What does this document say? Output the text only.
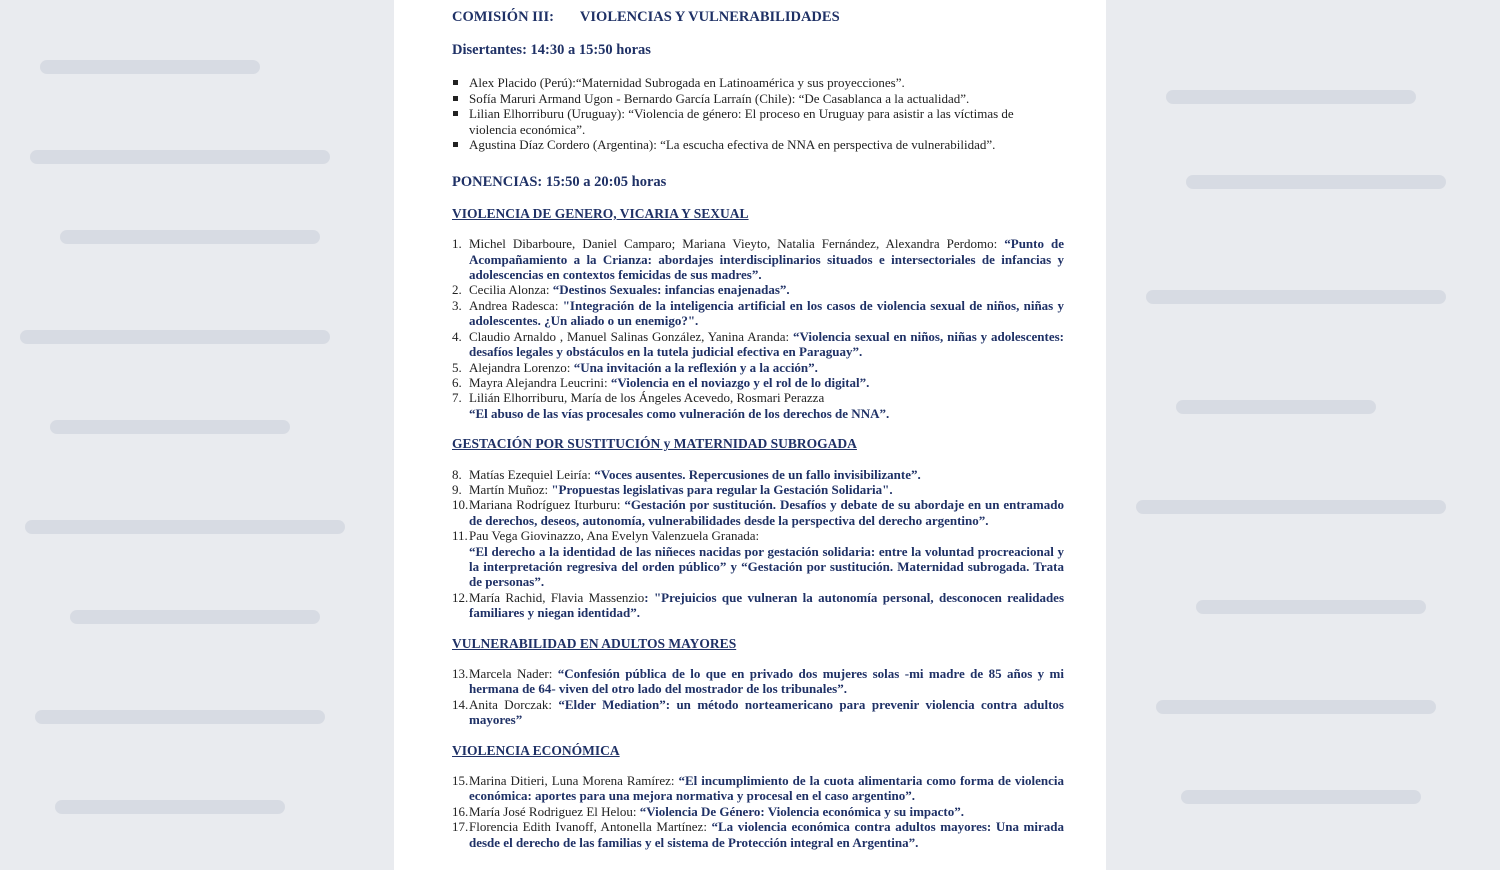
COMISIÓN III: VIOLENCIAS Y VULNERABILIDADES

Disertantes: 14:30 a 15:50 horas

Alex Placido (Perú):“Maternidad Subrogada en Latinoamérica y sus proyecciones”.
Sofía Maruri Armand Ugon - Bernardo García Larraín (Chile): “De Casablanca a la actualidad”.
Lilian Elhorriburu (Uruguay): “Violencia de género: El proceso en Uruguay para asistir a las víctimas de violencia económica”.
Agustina Díaz Cordero (Argentina): “La escucha efectiva de NNA en perspectiva de vulnerabilidad”.

PONENCIAS: 15:50 a 20:05 horas

VIOLENCIA DE GENERO, VICARIA Y SEXUAL

1. Michel Dibarboure, Daniel Camparo; Mariana Vieyto, Natalia Fernández, Alexandra Perdomo: “Punto de Acompañamiento a la Crianza: abordajes interdisciplinarios situados e intersectoriales de infancias y adolescencias en contextos femicidas de sus madres”.
2. Cecilia Alonza: “Destinos Sexuales: infancias enajenadas”.
3. Andrea Radesca: "Integración de la inteligencia artificial en los casos de violencia sexual de niños, niñas y adolescentes. ¿Un aliado o un enemigo?".
4. Claudio Arnaldo , Manuel Salinas González, Yanina Aranda: “Violencia sexual en niños, niñas y adolescentes: desafíos legales y obstáculos en la tutela judicial efectiva en Paraguay”.
5. Alejandra Lorenzo: “Una invitación a la reflexión y a la acción”.
6. Mayra Alejandra Leucrini: “Violencia en el noviazgo y el rol de lo digital”.
7. Lilián Elhorriburu, María de los Ángeles Acevedo, Rosmari Perazza
“El abuso de las vías procesales como vulneración de los derechos de NNA”.

GESTACIÓN POR SUSTITUCIÓN y MATERNIDAD SUBROGADA

8. Matías Ezequiel Leiría: “Voces ausentes. Repercusiones de un fallo invisibilizante”.
9. Martín Muñoz: "Propuestas legislativas para regular la Gestación Solidaria".
10. Mariana Rodríguez Iturburu: “Gestación por sustitución. Desafíos y debate de su abordaje en un entramado de derechos, deseos, autonomía, vulnerabilidades desde la perspectiva del derecho argentino”.
11. Pau Vega Giovinazzo, Ana Evelyn Valenzuela Granada:
“El derecho a la identidad de las niñeces nacidas por gestación solidaria: entre la voluntad procreacional y la interpretación regresiva del orden público” y “Gestación por sustitución. Maternidad subrogada. Trata de personas”.
12. María Rachid, Flavia Massenzio: "Prejuicios que vulneran la autonomía personal, desconocen realidades familiares y niegan identidad”.

VULNERABILIDAD EN ADULTOS MAYORES

13. Marcela Nader: “Confesión pública de lo que en privado dos mujeres solas -mi madre de 85 años y mi hermana de 64- viven del otro lado del mostrador de los tribunales”.
14. Anita Dorczak: “Elder Mediation”: un método norteamericano para prevenir violencia contra adultos mayores”

VIOLENCIA ECONÓMICA

15. Marina Ditieri, Luna Morena Ramírez: “El incumplimiento de la cuota alimentaria como forma de violencia económica: aportes para una mejora normativa y procesal en el caso argentino”.
16. María José Rodriguez El Helou: “Violencia De Género: Violencia económica y su impacto”.
17. Florencia Edith Ivanoff, Antonella Martínez: “La violencia económica contra adultos mayores: Una mirada desde el derecho de las familias y el sistema de Protección integral en Argentina”.
